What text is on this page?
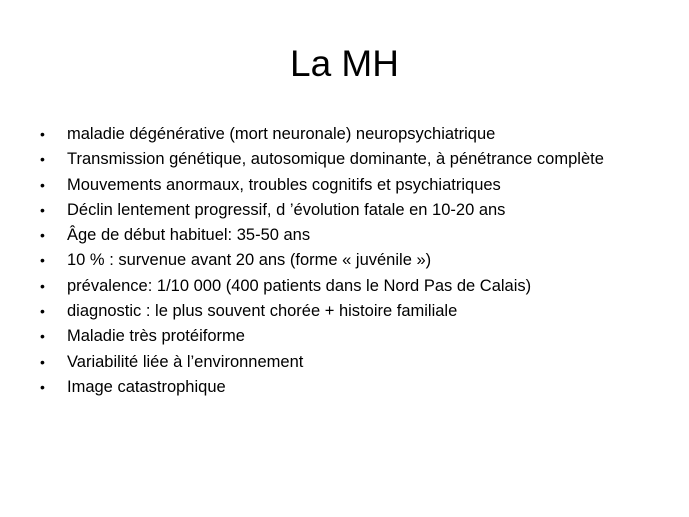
La MH
•	maladie dégénérative (mort neuronale) neuropsychiatrique
•	Transmission génétique, autosomique dominante, à pénétrance complète
•	Mouvements anormaux, troubles cognitifs et psychiatriques
•	Déclin lentement progressif, d ’évolution fatale en 10-20 ans
•	Âge de début habituel: 35-50 ans
•	10 % : survenue avant 20 ans (forme « juvénile »)
•	prévalence: 1/10 000 (400 patients dans le Nord Pas de Calais)
•	diagnostic : le plus souvent chorée + histoire familiale
•	Maladie très protéiforme
•	Variabilité liée à l’environnement
•	Image catastrophique
